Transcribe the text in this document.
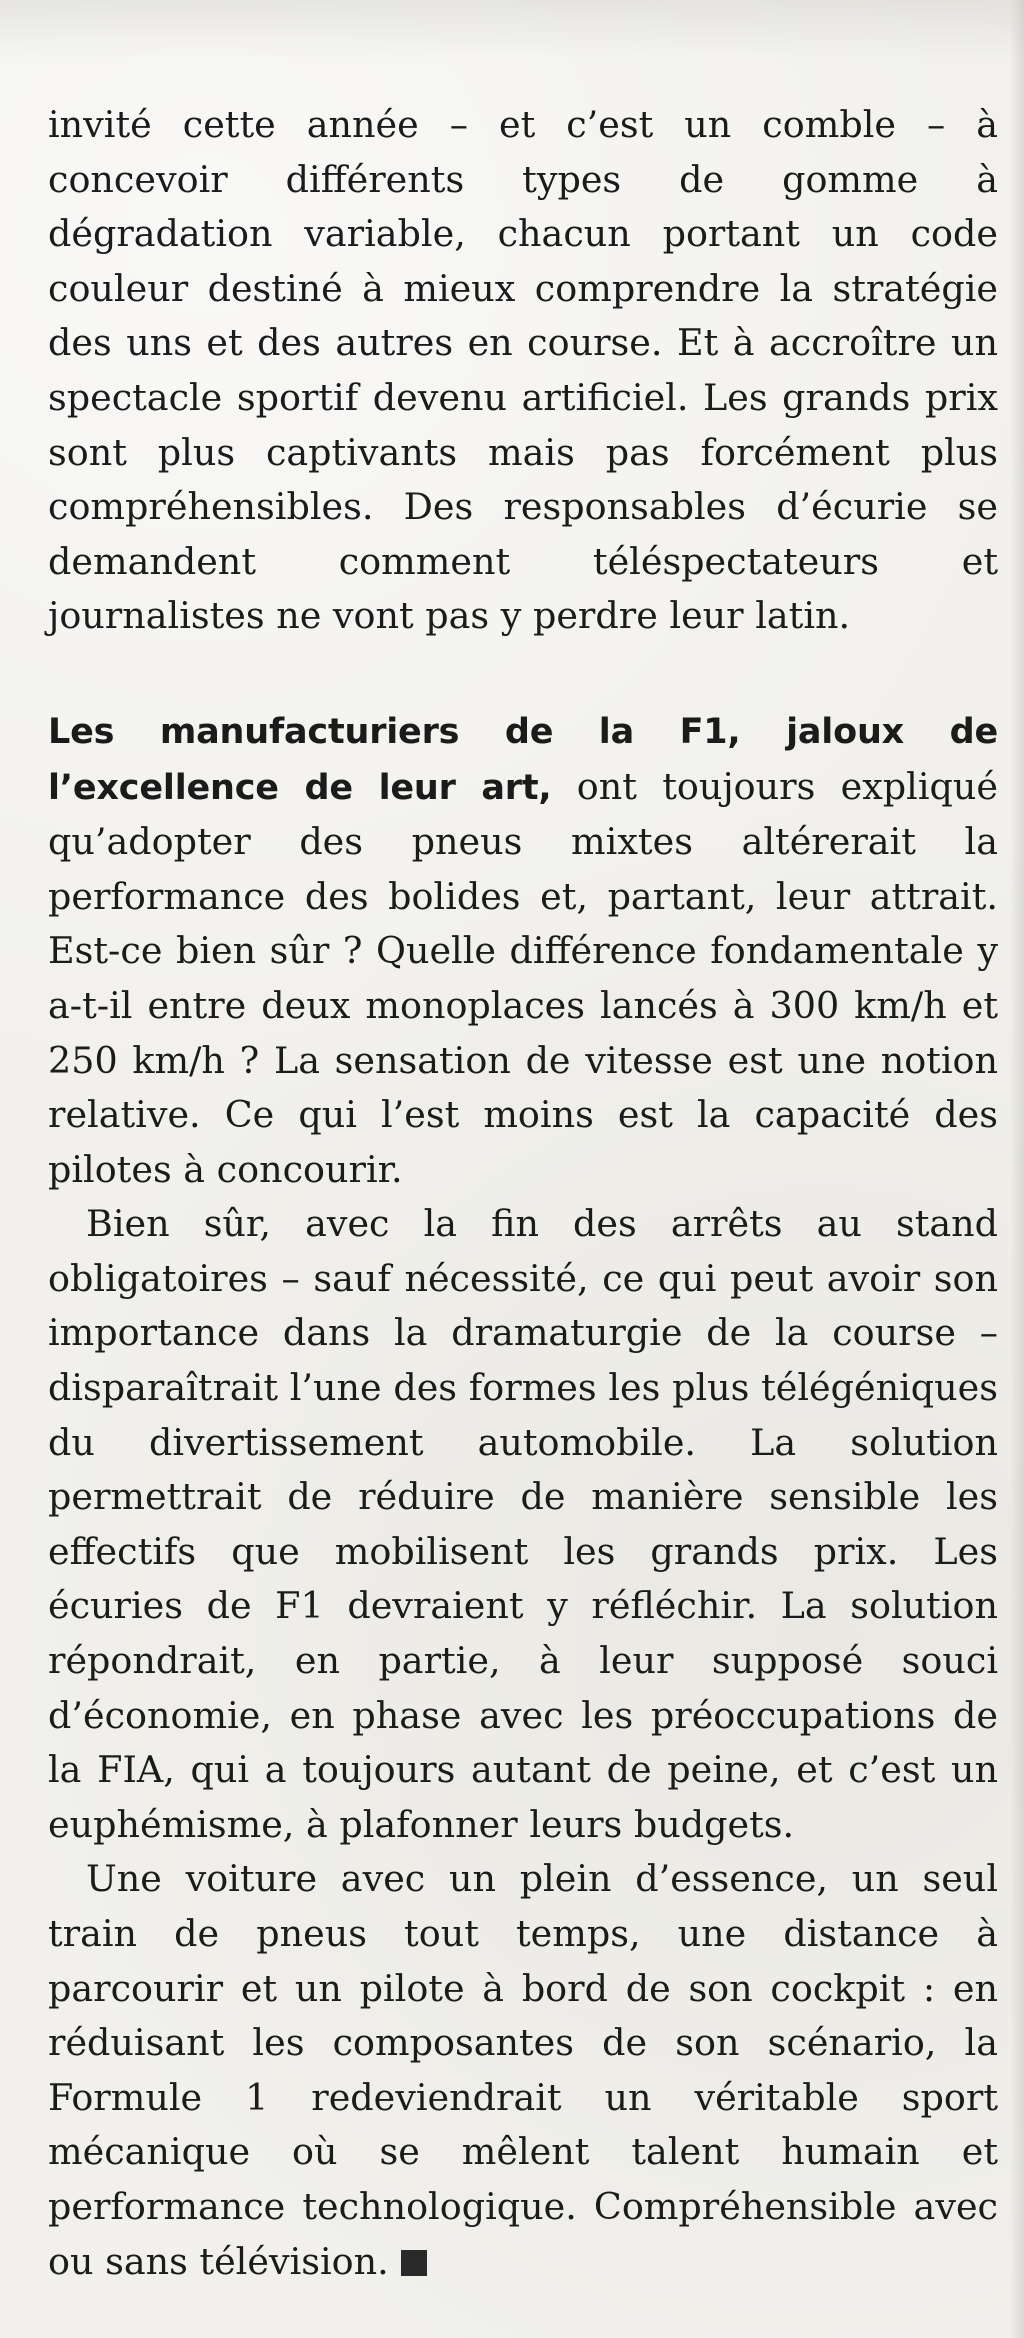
invité cette année – et c’est un comble – à concevoir différents types de gomme à dégradation variable, chacun portant un code couleur destiné à mieux comprendre la stratégie des uns et des autres en course. Et à accroître un spectacle sportif devenu artificiel. Les grands prix sont plus captivants mais pas forcément plus compréhensibles. Des responsables d’écurie se demandent comment téléspectateurs et journalistes ne vont pas y perdre leur latin.

Les manufacturiers de la F1, jaloux de l’excellence de leur art, ont toujours expliqué qu’adopter des pneus mixtes altérerait la performance des bolides et, partant, leur attrait. Est-ce bien sûr ? Quelle différence fondamentale y a-t-il entre deux monoplaces lancés à 300 km/h et 250 km/h ? La sensation de vitesse est une notion relative. Ce qui l’est moins est la capacité des pilotes à concourir.

Bien sûr, avec la fin des arrêts au stand obligatoires – sauf nécessité, ce qui peut avoir son importance dans la dramaturgie de la course – disparaîtrait l’une des formes les plus télégéniques du divertissement automobile. La solution permettrait de réduire de manière sensible les effectifs que mobilisent les grands prix. Les écuries de F1 devraient y réfléchir. La solution répondrait, en partie, à leur supposé souci d’économie, en phase avec les préoccupations de la FIA, qui a toujours autant de peine, et c’est un euphémisme, à plafonner leurs budgets.

Une voiture avec un plein d’essence, un seul train de pneus tout temps, une distance à parcourir et un pilote à bord de son cockpit : en réduisant les composantes de son scénario, la Formule 1 redeviendrait un véritable sport mécanique où se mêlent talent humain et performance technologique. Compréhensible avec ou sans télévision.
